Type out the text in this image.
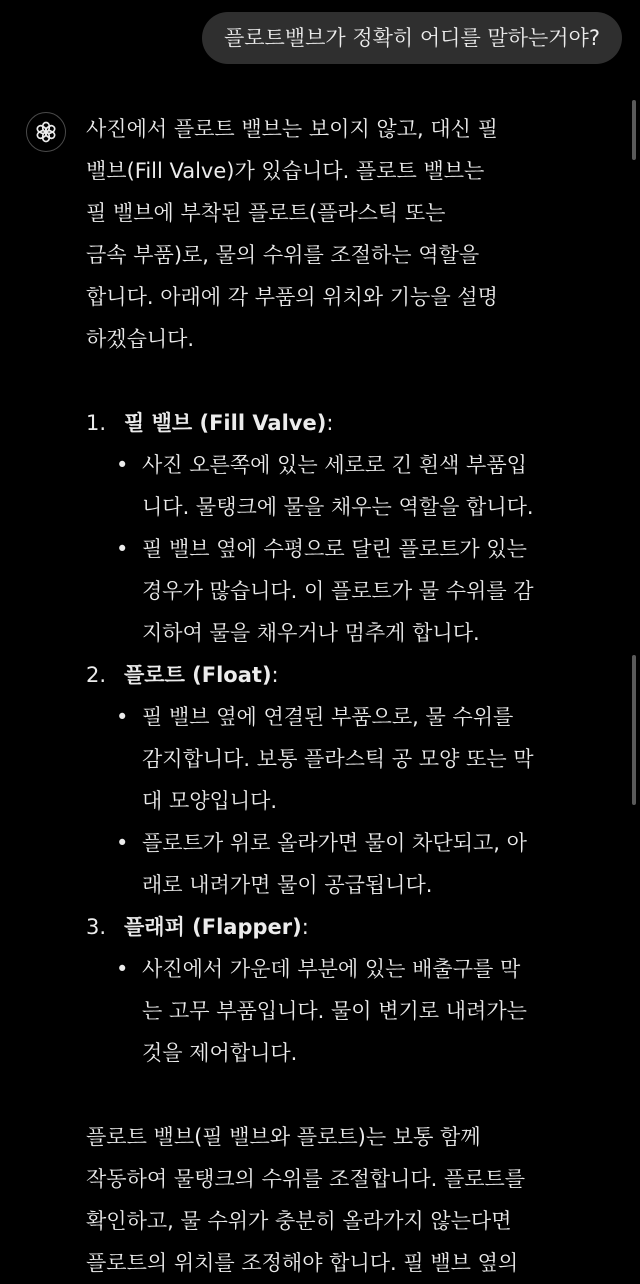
플로트밸브가 정확히 어디를 말하는거야?

사진에서 플로트 밸브는 보이지 않고, 대신 필
밸브(Fill Valve)가 있습니다. 플로트 밸브는
필 밸브에 부착된 플로트(플라스틱 또는
금속 부품)로, 물의 수위를 조절하는 역할을
합니다. 아래에 각 부품의 위치와 기능을 설명
하겠습니다.

1. 필 밸브 (Fill Valve):
• 사진 오른쪽에 있는 세로로 긴 흰색 부품입
니다. 물탱크에 물을 채우는 역할을 합니다.
• 필 밸브 옆에 수평으로 달린 플로트가 있는
경우가 많습니다. 이 플로트가 물 수위를 감
지하여 물을 채우거나 멈추게 합니다.
2. 플로트 (Float):
• 필 밸브 옆에 연결된 부품으로, 물 수위를
감지합니다. 보통 플라스틱 공 모양 또는 막
대 모양입니다.
• 플로트가 위로 올라가면 물이 차단되고, 아
래로 내려가면 물이 공급됩니다.
3. 플래퍼 (Flapper):
• 사진에서 가운데 부분에 있는 배출구를 막
는 고무 부품입니다. 물이 변기로 내려가는
것을 제어합니다.

플로트 밸브(필 밸브와 플로트)는 보통 함께
작동하여 물탱크의 수위를 조절합니다. 플로트를
확인하고, 물 수위가 충분히 올라가지 않는다면
플로트의 위치를 조정해야 합니다. 필 밸브 옆의
